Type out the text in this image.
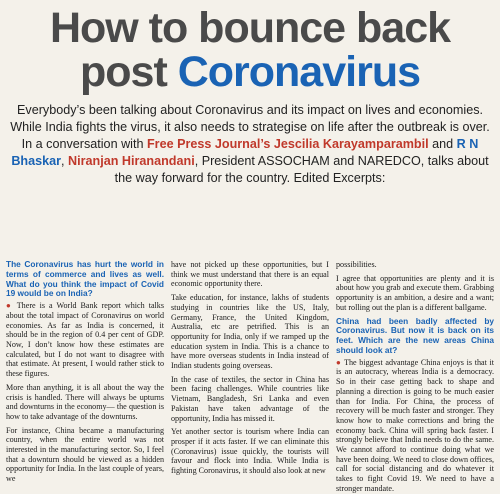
How to bounce back
post Coronavirus
Everybody’s been talking about Coronavirus and its impact on lives and economies. While India fights the virus, it also needs to strategise on life after the outbreak is over. In a conversation with Free Press Journal’s Jescilia Karayamparambil and R N Bhaskar, Niranjan Hiranandani, President ASSOCHAM and NAREDCO, talks about the way forward for the country. Edited Excerpts:
The Coronavirus has hurt the world in terms of commerce and lives as well. What do you think the impact of Covid 19 would be on India?

● There is a World Bank report which talks about the total impact of Coronavirus on world economies. As far as India is concerned, it should be in the region of 0.4 per cent of GDP. Now, I don’t know how these estimates are calculated, but I do not want to disagree with that estimate. At present, I would rather stick to these figures.

More than anything, it is all about the way the crisis is handled. There will always be upturns and downturns in the economy— the question is how to take advantage of the downturns.

For instance, China became a manufacturing country, when the entire world was not interested in the manufacturing sector. So, I feel that a downturn should be viewed as a hidden opportunity for India. In the last couple of years, we

have not picked up these opportunities, but I think we must understand that there is an equal economic opportunity there.

Take education, for instance, lakhs of students studying in countries like the US, Italy, Germany, France, the United Kingdom, Australia, etc are petrified. This is an opportunity for India, only if we ramped up the education system in India. This is a chance to have more overseas students in India instead of Indian students going overseas.

In the case of textiles, the sector in China has been facing challenges. While countries like Vietnam, Bangladesh, Sri Lanka and even Pakistan have taken advantage of the opportunity, India has missed it.

Yet another sector is tourism where India can prosper if it acts faster. If we can eliminate this (Coronavirus) issue quickly, the tourists will favour and flock into India. While India is fighting Coronavirus, it should also look at new

possibilities.

I agree that opportunities are plenty and it is about how you grab and execute them. Grabbing opportunity is an ambition, a desire and a want; but rolling out the plan is a different ballgame.

China had been badly affected by Coronavirus. But now it is back on its feet. Which are the new areas China should look at?

● The biggest advantage China enjoys is that it is an autocracy, whereas India is a democracy. So in their case getting back to shape and planning a direction is going to be much easier than for India. For China, the process of recovery will be much faster and stronger. They know how to make corrections and bring the economy back. China will spring back faster. I strongly believe that India needs to do the same. We cannot afford to continue doing what we have been doing. We need to close down offices, call for social distancing and do whatever it takes to fight Covid 19. We need to have a stronger mandate.
